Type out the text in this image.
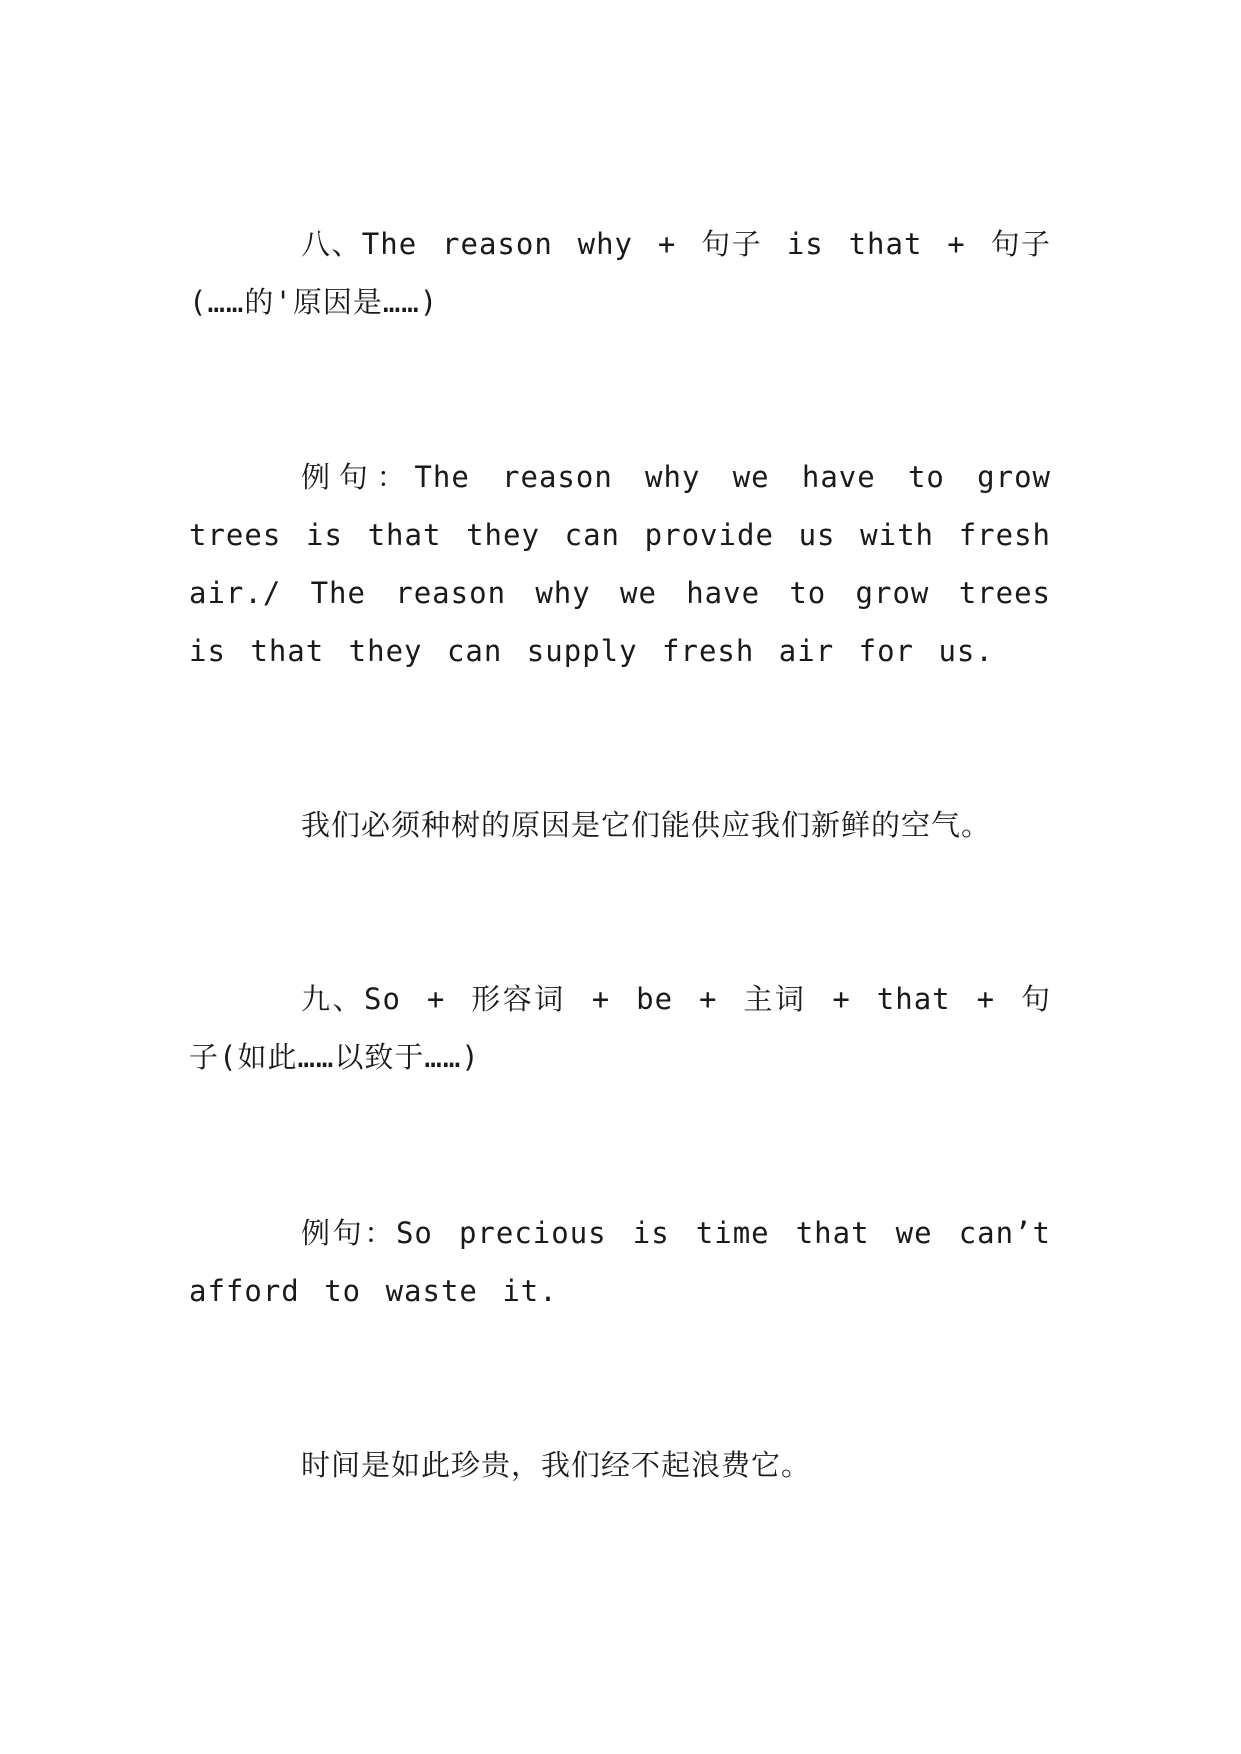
八、The reason why + 句子 is that + 句子(……的'原因是……)

例句：The reason why we have to grow trees is that they can provide us with fresh air./ The reason why we have to grow trees is that they can supply fresh air for us.

我们必须种树的原因是它们能供应我们新鲜的空气。

九、So + 形容词 + be + 主词 + that + 句子(如此……以致于……)

例句：So precious is time that we can’t afford to waste it.

时间是如此珍贵，我们经不起浪费它。
